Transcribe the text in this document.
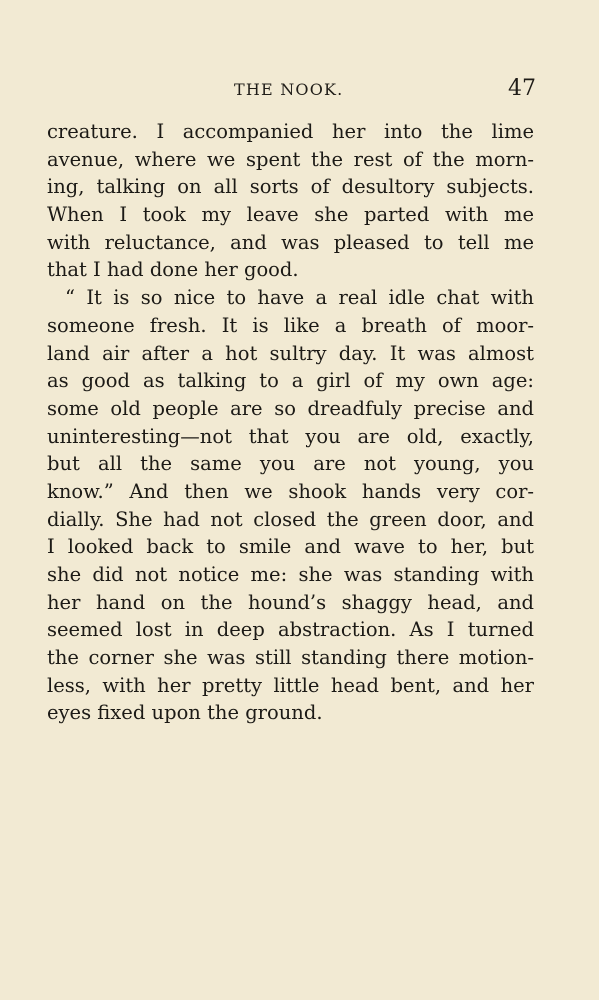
THE NOOK.	47
creature. I accompanied her into the lime
avenue, where we spent the rest of the morn-
ing, talking on all sorts of desultory subjects.
When I took my leave she parted with me
with reluctance, and was pleased to tell me
that I had done her good.
“ It is so nice to have a real idle chat with
someone fresh. It is like a breath of moor-
land air after a hot sultry day. It was almost
as good as talking to a girl of my own age:
some old people are so dreadfuly precise and
uninteresting—not that you are old, exactly,
but all the same you are not young, you
know.” And then we shook hands very cor-
dially. She had not closed the green door, and
I looked back to smile and wave to her, but
she did not notice me: she was standing with
her hand on the hound’s shaggy head, and
seemed lost in deep abstraction. As I turned
the corner she was still standing there motion-
less, with her pretty little head bent, and her
eyes fixed upon the ground.
